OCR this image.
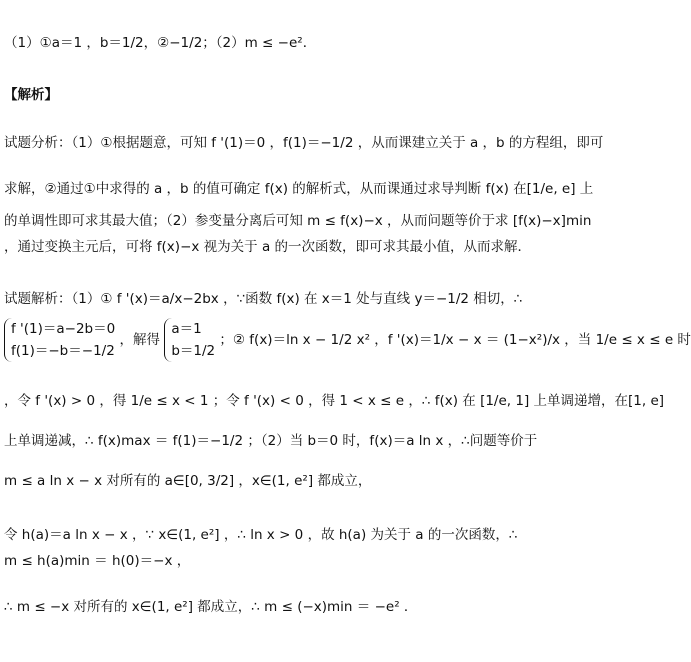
（1）①a＝1 ，b＝1/2，②−1/2；（2）m ≤ −e²．
【解析】
试题分析：（1）①根据题意，可知 f '(1)＝0 ，f(1)＝−1/2 ，从而课建立关于 a ，b 的方程组，即可
求解，②通过①中求得的 a ，b 的值可确定 f(x) 的解析式，从而课通过求导判断 f(x) 在[1/e, e] 上
的单调性即可求其最大值；（2）参变量分离后可知 m ≤ f(x)−x ，从而问题等价于求 [f(x)−x]min
，通过变换主元后，可将 f(x)−x 视为关于 a 的一次函数，即可求其最小值，从而求解．
试题解析：（1）① f '(x)＝a/x−2bx ，∵函数 f(x) 在 x＝1 处与直线 y＝−1/2 相切，∴
f '(1)＝a−2b＝0
f(1)＝−b＝−1/2
，解得
a＝1
b＝1/2
；② f(x)＝ln x − 1/2 x² ，f '(x)＝1/x − x ＝ (1−x²)/x ，当 1/e ≤ x ≤ e 时
，令 f '(x) > 0 ，得 1/e ≤ x < 1 ；令 f '(x) < 0 ，得 1 < x ≤ e ，∴ f(x) 在 [1/e, 1] 上单调递增，在[1, e]
上单调递减，∴ f(x)max ＝ f(1)＝−1/2 ；（2）当 b＝0 时，f(x)＝a ln x ，∴问题等价于
m ≤ a ln x − x 对所有的 a∈[0, 3/2] ，x∈(1, e²] 都成立，
令 h(a)＝a ln x − x ，∵ x∈(1, e²] ，∴ ln x > 0 ，故 h(a) 为关于 a 的一次函数，∴
m ≤ h(a)min ＝ h(0)＝−x ，
∴ m ≤ −x 对所有的 x∈(1, e²] 都成立，∴ m ≤ (−x)min ＝ −e² ．
